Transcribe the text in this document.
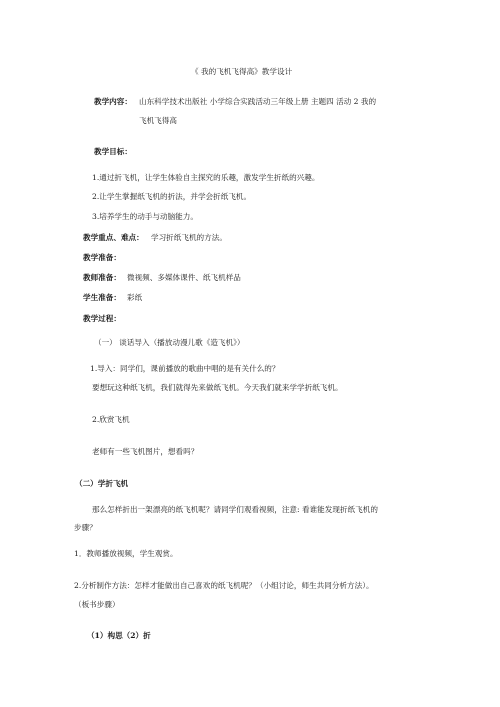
《 我的飞机飞得高》教学设计
教学内容： 山东科学技术出版社 小学综合实践活动三年级上册 主题四 活动 2 我的
飞机飞得高
教学目标：
1.通过折飞机，让学生体验自主探究的乐趣，激发学生折纸的兴趣。
2.让学生掌握纸飞机的折法，并学会折纸飞机。
3.培养学生的动手与动脑能力。
教学重点、难点： 学习折纸飞机的方法。
教学准备：
教师准备： 微视频、多媒体课件、纸飞机样品
学生准备： 彩纸
教学过程：
（一） 谈话导入（播放动漫儿歌《造飞机》）
1.导入：同学们，课前播放的歌曲中唱的是有关什么的？
要想玩这种纸飞机，我们就得先来做纸飞机。今天我们就来学学折纸飞机。
2.欣赏飞机
老师有一些飞机图片，想看吗？
（二）学折飞机
那么怎样折出一架漂亮的纸飞机呢？请同学们观看视频，注意: 看谁能发现折纸飞机的
步骤？
1．教师播放视频，学生观赏。
2.分析制作方法：怎样才能做出自己喜欢的纸飞机呢？（小组讨论，师生共同分析方法）。
（板书步骤）
（1）构思（2）折
